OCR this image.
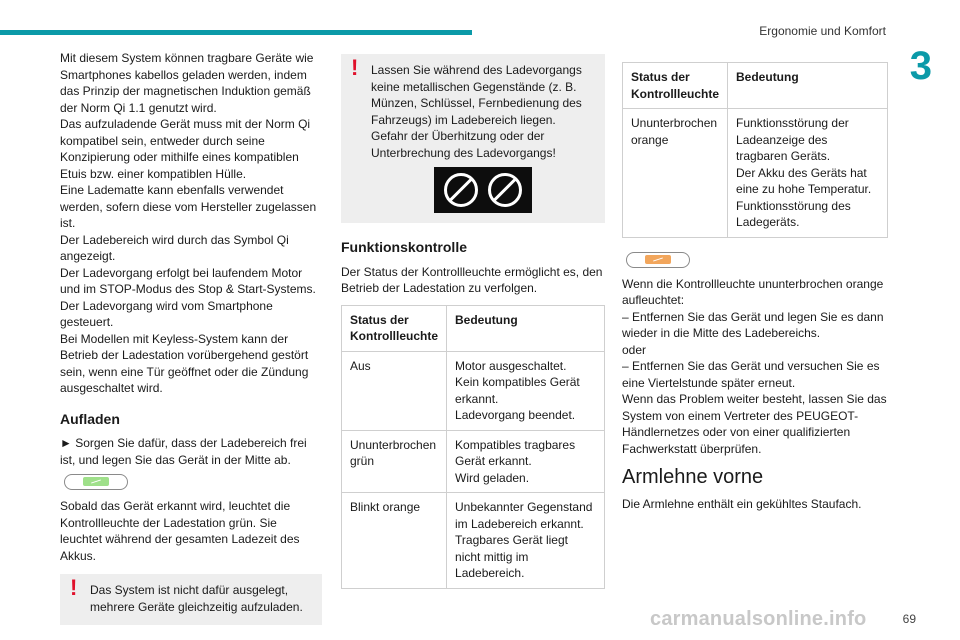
Ergonomie und Komfort
3

Mit diesem System können tragbare Geräte wie Smartphones kabellos geladen werden, indem das Prinzip der magnetischen Induktion gemäß der Norm Qi 1.1 genutzt wird.

Das aufzuladende Gerät muss mit der Norm Qi kompatibel sein, entweder durch seine Konzipierung oder mithilfe eines kompatiblen Etuis bzw. einer kompatiblen Hülle.

Eine Ladematte kann ebenfalls verwendet werden, sofern diese vom Hersteller zugelassen ist.

Der Ladebereich wird durch das Symbol Qi angezeigt.

Der Ladevorgang erfolgt bei laufendem Motor und im STOP-Modus des Stop & Start-Systems.

Der Ladevorgang wird vom Smartphone gesteuert.

Bei Modellen mit Keyless-System kann der Betrieb der Ladestation vorübergehend gestört sein, wenn eine Tür geöffnet oder die Zündung ausgeschaltet wird.

Aufladen

► Sorgen Sie dafür, dass der Ladebereich frei ist, und legen Sie das Gerät in der Mitte ab.

Sobald das Gerät erkannt wird, leuchtet die Kontrollleuchte der Ladestation grün. Sie leuchtet während der gesamten Ladezeit des Akkus.

! Das System ist nicht dafür ausgelegt, mehrere Geräte gleichzeitig aufzuladen.

! Lassen Sie während des Ladevorgangs keine metallischen Gegenstände (z. B. Münzen, Schlüssel, Fernbedienung des Fahrzeugs) im Ladebereich liegen. Gefahr der Überhitzung oder der Unterbrechung des Ladevorgangs!

Funktionskontrolle

Der Status der Kontrollleuchte ermöglicht es, den Betrieb der Ladestation zu verfolgen.

Status der Kontrollleuchte	Bedeutung
Aus	Motor ausgeschaltet.
Kein kompatibles Gerät erkannt.
Ladevorgang beendet.

Ununterbrochen grün	Kompatibles tragbares Gerät erkannt.
Wird geladen.

Blinkt orange	Unbekannter Gegenstand im Ladebereich erkannt.
Tragbares Gerät liegt nicht mittig im Ladebereich.
Status der Kontrollleuchte	Bedeutung
Ununterbrochen orange	Funktionsstörung der Ladeanzeige des tragbaren Geräts.
Der Akku des Geräts hat eine zu hohe Temperatur.
Funktionsstörung des Ladegeräts.

Wenn die Kontrollleuchte ununterbrochen orange aufleuchtet:

– Entfernen Sie das Gerät und legen Sie es dann wieder in die Mitte des Ladebereichs.

oder

– Entfernen Sie das Gerät und versuchen Sie es eine Viertelstunde später erneut.

Wenn das Problem weiter besteht, lassen Sie das System von einem Vertreter des PEUGEOT-Händlernetzes oder von einer qualifizierten Fachwerkstatt überprüfen.

Armlehne vorne

Die Armlehne enthält ein gekühltes Staufach.

carmanualsonline.info	69
